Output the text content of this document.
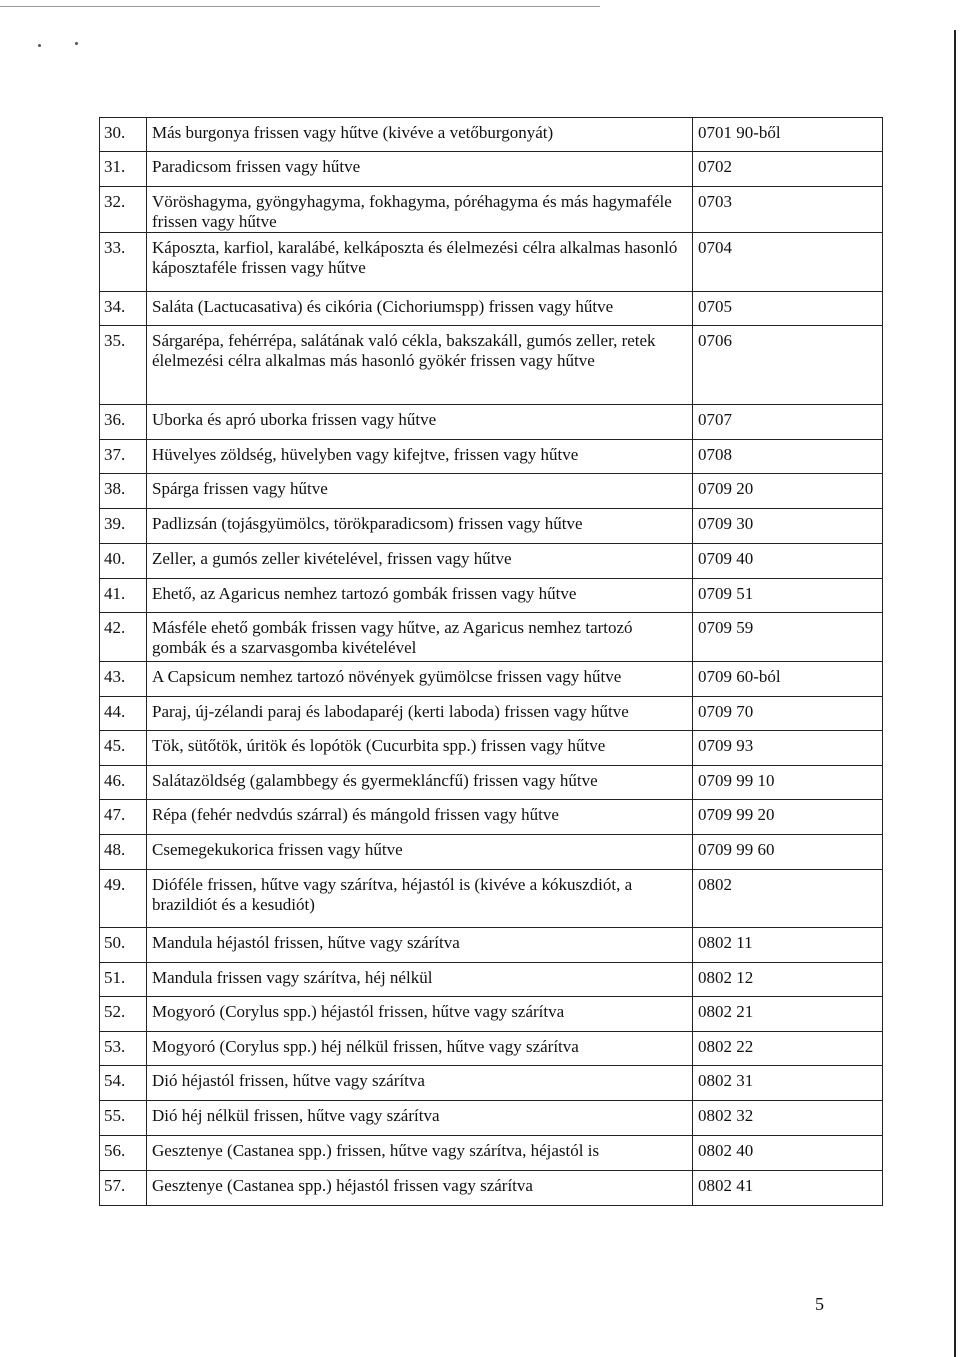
30.	Más burgonya frissen vagy hűtve (kivéve a vetőburgonyát)	0701 90-ből
31.	Paradicsom frissen vagy hűtve	0702
32.	Vöröshagyma, gyöngyhagyma, fokhagyma, póréhagyma és más hagymaféle frissen vagy hűtve	0703
33.	Káposzta, karfiol, karalábé, kelkáposzta és élelmezési célra alkalmas hasonló káposztaféle frissen vagy hűtve	0704
34.	Saláta (Lactucasativa) és cikória (Cichoriumspp) frissen vagy hűtve	0705
35.	Sárgarépa, fehérrépa, salátának való cékla, bakszakáll, gumós zeller, retek élelmezési célra alkalmas más hasonló gyökér frissen vagy hűtve	0706
36.	Uborka és apró uborka frissen vagy hűtve	0707
37.	Hüvelyes zöldség, hüvelyben vagy kifejtve, frissen vagy hűtve	0708
38.	Spárga frissen vagy hűtve	0709 20
39.	Padlizsán (tojásgyümölcs, törökparadicsom) frissen vagy hűtve	0709 30
40.	Zeller, a gumós zeller kivételével, frissen vagy hűtve	0709 40
41.	Ehető, az Agaricus nemhez tartozó gombák frissen vagy hűtve	0709 51
42.	Másféle ehető gombák frissen vagy hűtve, az Agaricus nemhez tartozó gombák és a szarvasgomba kivételével	0709 59
43.	A Capsicum nemhez tartozó növények gyümölcse frissen vagy hűtve	0709 60-ból
44.	Paraj, új-zélandi paraj és labodaparéj (kerti laboda) frissen vagy hűtve	0709 70
45.	Tök, sütőtök, úritök és lopótök (Cucurbita spp.) frissen vagy hűtve	0709 93
46.	Salátazöldség (galambbegy és gyermekláncfű) frissen vagy hűtve	0709 99 10
47.	Répa (fehér nedvdús szárral) és mángold frissen vagy hűtve	0709 99 20
48.	Csemegekukorica frissen vagy hűtve	0709 99 60
49.	Dióféle frissen, hűtve vagy szárítva, héjastól is (kivéve a kókuszdiót, a brazildiót és a kesudiót)	0802
50.	Mandula héjastól frissen, hűtve vagy szárítva	0802 11
51.	Mandula frissen vagy szárítva, héj nélkül	0802 12
52.	Mogyoró (Corylus spp.) héjastól frissen, hűtve vagy szárítva	0802 21
53.	Mogyoró (Corylus spp.) héj nélkül frissen, hűtve vagy szárítva	0802 22
54.	Dió héjastól frissen, hűtve vagy szárítva	0802 31
55.	Dió héj nélkül frissen, hűtve vagy szárítva	0802 32
56.	Gesztenye (Castanea spp.) frissen, hűtve vagy szárítva, héjastól is	0802 40
57.	Gesztenye (Castanea spp.) héjastól frissen vagy szárítva	0802 41
5
